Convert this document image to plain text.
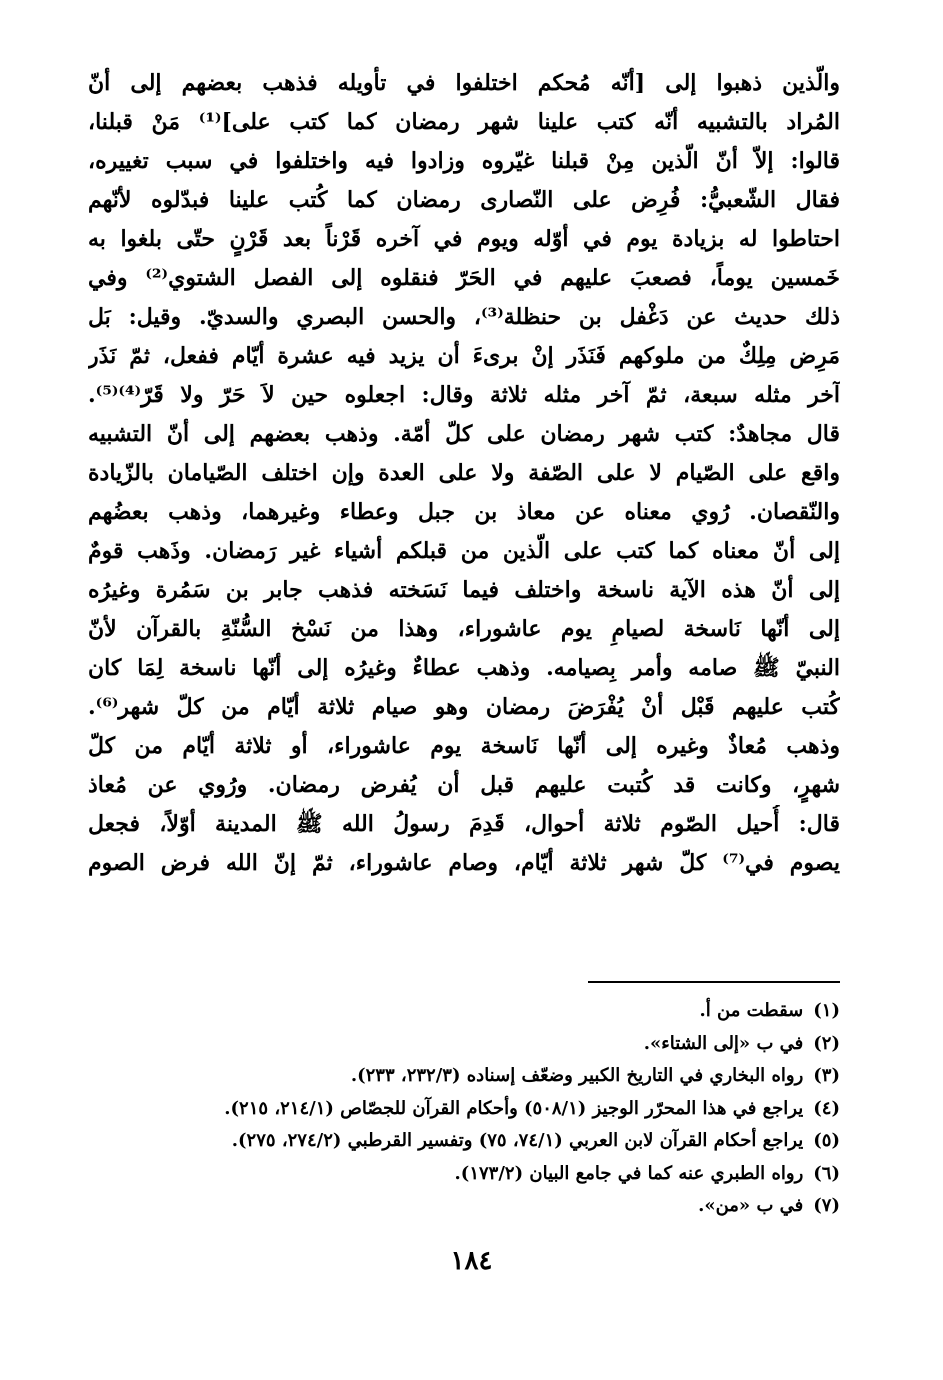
والّذين ذهبوا إلى [أنّه مُحكم اختلفوا في تأويله فذهب بعضهم إلى أنّ
المُراد بالتشبيه أنّه كتب علينا شهر رمضان كما كتب على]⁽¹⁾ مَنْ قبلنا،
قالوا: إلاّ أنّ الّذين مِنْ قبلنا غيّروه وزادوا فيه واختلفوا في سبب تغييره،
فقال الشّعبيُّ: فُرِض على النّصارى رمضان كما كُتب علينا فبدّلوه لأنّهم
احتاطوا له بزيادة يوم في أوّله ويوم في آخره قَرْناً بعد قَرْنٍ حتّى بلغوا به
خَمسين يوماً، فصعبَ عليهم في الحَرّ فنقلوه إلى الفصل الشتوي⁽²⁾ وفي
ذلك حديث عن دَغْفل بن حنظلة⁽³⁾، والحسن البصري والسديّ. وقيل: بَل
مَرِض مِلِكٌ من ملوكهم فَنَذَر إنْ برىءَ أن يزيد فيه عشرة أيّام ففعل، ثمّ نَذَر
آخر مثله سبعة، ثمّ آخر مثله ثلاثة وقال: اجعلوه حين لاَ حَرّ ولا قَرّ⁽⁴⁾⁽⁵⁾.
قال مجاهدٌ: كتب شهر رمضان على كلّ أمّة. وذهب بعضهم إلى أنّ التشبيه
واقع على الصّيام لا على الصّفة ولا على العدة وإن اختلف الصّيامان بالزّيادة
والنّقصان. رُوي معناه عن معاذ بن جبل وعطاء وغيرهما، وذهب بعضُهم
إلى أنّ معناه كما كتب على الّذين من قبلكم أشياء غير رَمضان. وذَهب قومٌ
إلى أنّ هذه الآية ناسخة واختلف فيما نَسَخته فذهب جابر بن سَمُرة وغيرُه
إلى أنّها نَاسخة لصيامِ يوم عاشوراء، وهذا من نَسْخ السُّنّةِ بالقرآن لأنّ
النبيّ ﷺ صامه وأمر بِصيامه. وذهب عطاءٌ وغيرُه إلى أنّها ناسخة لِمَا كان
كُتب عليهم قَبْل أنْ يُفْرَضَ رمضان وهو صيام ثلاثة أيّام من كلّ شهر⁽⁶⁾.
وذهب مُعاذٌ وغيره إلى أنّها نَاسخة يوم عاشوراء، أو ثلاثة أيّام من كلّ
شهرٍ، وكانت قد كُتبت عليهم قبل أن يُفرض رمضان. ورُوي عن مُعاذ
قال: أُحيل الصّوم ثلاثة أحوال، قَدِمَ رسولُ الله ﷺ المدينة أوّلاً، فجعل
يصوم في⁽⁷⁾ كلّ شهر ثلاثة أيّام، وصام عاشوراء، ثمّ إنّ الله فرض الصوم
(١)سقطت من أ.
(٢)في ب «إلى الشتاء».
(٣)رواه البخاري في التاريخ الكبير وضعّف إسناده (٢٣٢/٣، ٢٣٣).
(٤)يراجع في هذا المحرّر الوجيز (٥٠٨/١) وأحكام القرآن للجصّاص (٢١٤/١، ٢١٥).
(٥)يراجع أحكام القرآن لابن العربي (٧٤/١، ٧٥) وتفسير القرطبي (٢٧٤/٢، ٢٧٥).
(٦)رواه الطبري عنه كما في جامع البيان (١٧٣/٢).
(٧)في ب «من».
١٨٤
